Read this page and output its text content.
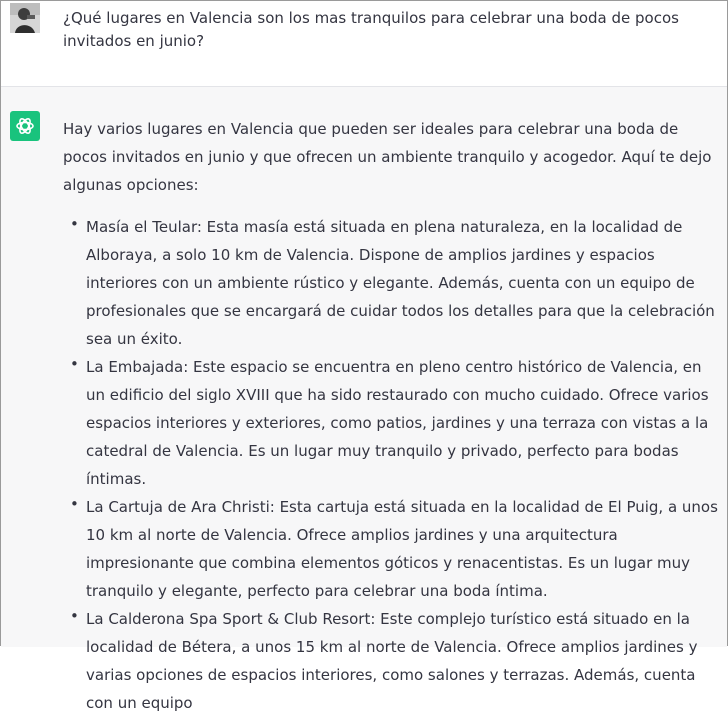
¿Qué lugares en Valencia son los mas tranquilos para celebrar una boda de pocos invitados en junio?

Hay varios lugares en Valencia que pueden ser ideales para celebrar una boda de pocos invitados en junio y que ofrecen un ambiente tranquilo y acogedor. Aquí te dejo algunas opciones:

• Masía el Teular: Esta masía está situada en plena naturaleza, en la localidad de Alboraya, a solo 10 km de Valencia. Dispone de amplios jardines y espacios interiores con un ambiente rústico y elegante. Además, cuenta con un equipo de profesionales que se encargará de cuidar todos los detalles para que la celebración sea un éxito.
• La Embajada: Este espacio se encuentra en pleno centro histórico de Valencia, en un edificio del siglo XVIII que ha sido restaurado con mucho cuidado. Ofrece varios espacios interiores y exteriores, como patios, jardines y una terraza con vistas a la catedral de Valencia. Es un lugar muy tranquilo y privado, perfecto para bodas íntimas.
• La Cartuja de Ara Christi: Esta cartuja está situada en la localidad de El Puig, a unos 10 km al norte de Valencia. Ofrece amplios jardines y una arquitectura impresionante que combina elementos góticos y renacentistas. Es un lugar muy tranquilo y elegante, perfecto para celebrar una boda íntima.
• La Calderona Spa Sport & Club Resort: Este complejo turístico está situado en la localidad de Bétera, a unos 15 km al norte de Valencia. Ofrece amplios jardines y varias opciones de espacios interiores, como salones y terrazas. Además, cuenta con un equipo
